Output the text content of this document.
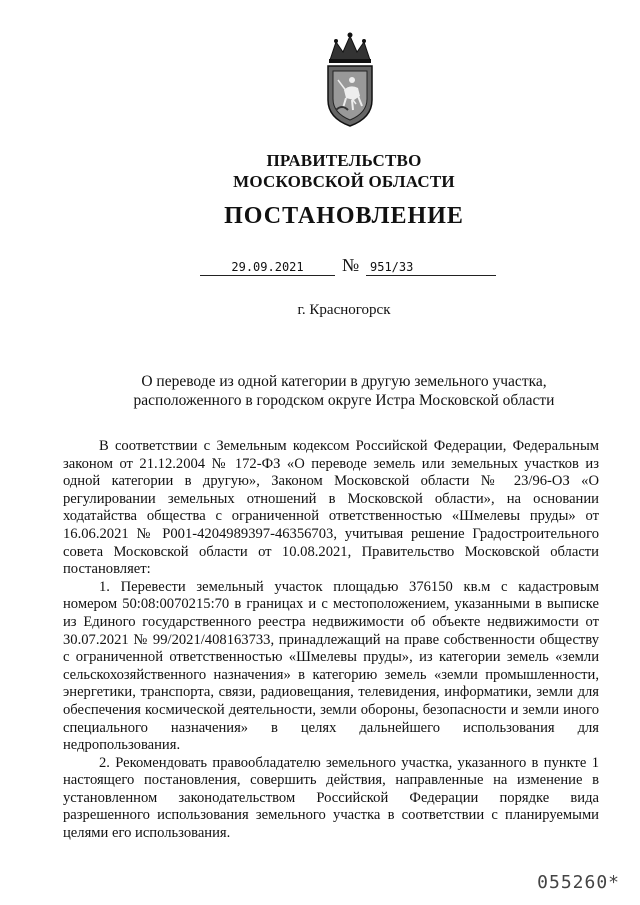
ПРАВИТЕЛЬСТВО
МОСКОВСКОЙ ОБЛАСТИ
ПОСТАНОВЛЕНИЕ
29.09.2021	№ 951/33
г. Красногорск
О переводе из одной категории в другую земельного участка,
расположенного в городском округе Истра Московской области

В соответствии с Земельным кодексом Российской Федерации, Федеральным законом от 21.12.2004 № 172-ФЗ «О переводе земель или земельных участков из одной категории в другую», Законом Московской области № 23/96-ОЗ «О регулировании земельных отношений в Московской области», на основании ходатайства общества с ограниченной ответственностью «Шмелевы пруды» от 16.06.2021 № Р001-4204989397-46356703, учитывая решение Градостроительного совета Московской области от 10.08.2021, Правительство Московской области постановляет:

1. Перевести земельный участок площадью 376150 кв.м с кадастровым номером 50:08:0070215:70 в границах и с местоположением, указанными в выписке из Единого государственного реестра недвижимости об объекте недвижимости от 30.07.2021 № 99/2021/408163733, принадлежащий на праве собственности обществу с ограниченной ответственностью «Шмелевы пруды», из категории земель «земли сельскохозяйственного назначения» в категорию земель «земли промышленности, энергетики, транспорта, связи, радиовещания, телевидения, информатики, земли для обеспечения космической деятельности, земли обороны, безопасности и земли иного специального назначения» в целях дальнейшего использования для недропользования.

2. Рекомендовать правообладателю земельного участка, указанного в пункте 1 настоящего постановления, совершить действия, направленные на изменение в установленном законодательством Российской Федерации порядке вида разрешенного использования земельного участка в соответствии с планируемыми целями его использования.

055260*
